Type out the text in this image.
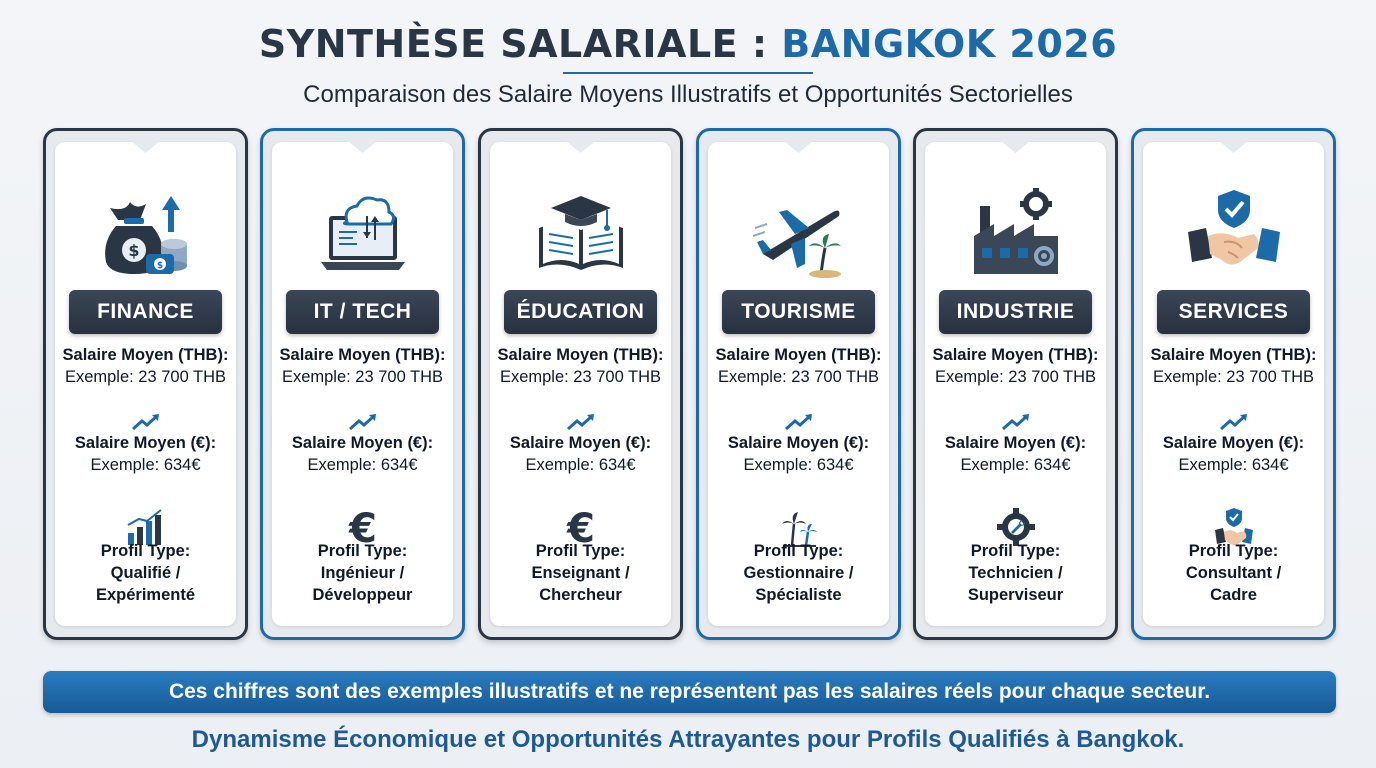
SYNTHÈSE SALARIALE : BANGKOK 2026
Comparaison des Salaire Moyens Illustratifs et Opportunités Sectorielles
$
$
FINANCE
Salaire Moyen (THB):
Exemple: 23 700 THB
Salaire Moyen (€):
Exemple: 634€
Profil Type:
Qualifié /
Expérimenté
IT / TECH
Salaire Moyen (THB):
Exemple: 23 700 THB
Salaire Moyen (€):
Exemple: 634€
€
Profil Type:
Ingénieur /
Développeur
ÉDUCATION
Salaire Moyen (THB):
Exemple: 23 700 THB
Salaire Moyen (€):
Exemple: 634€
€
Profil Type:
Enseignant /
Chercheur
TOURISME
Salaire Moyen (THB):
Exemple: 23 700 THB
Salaire Moyen (€):
Exemple: 634€
Profil Type:
Gestionnaire /
Spécialiste
INDUSTRIE
Salaire Moyen (THB):
Exemple: 23 700 THB
Salaire Moyen (€):
Exemple: 634€
Profil Type:
Technicien /
Superviseur
SERVICES
Salaire Moyen (THB):
Exemple: 23 700 THB
Salaire Moyen (€):
Exemple: 634€
Profil Type:
Consultant /
Cadre
Ces chiffres sont des exemples illustratifs et ne représentent pas les salaires réels pour chaque secteur.
Dynamisme Économique et Opportunités Attrayantes pour Profils Qualifiés à Bangkok.
